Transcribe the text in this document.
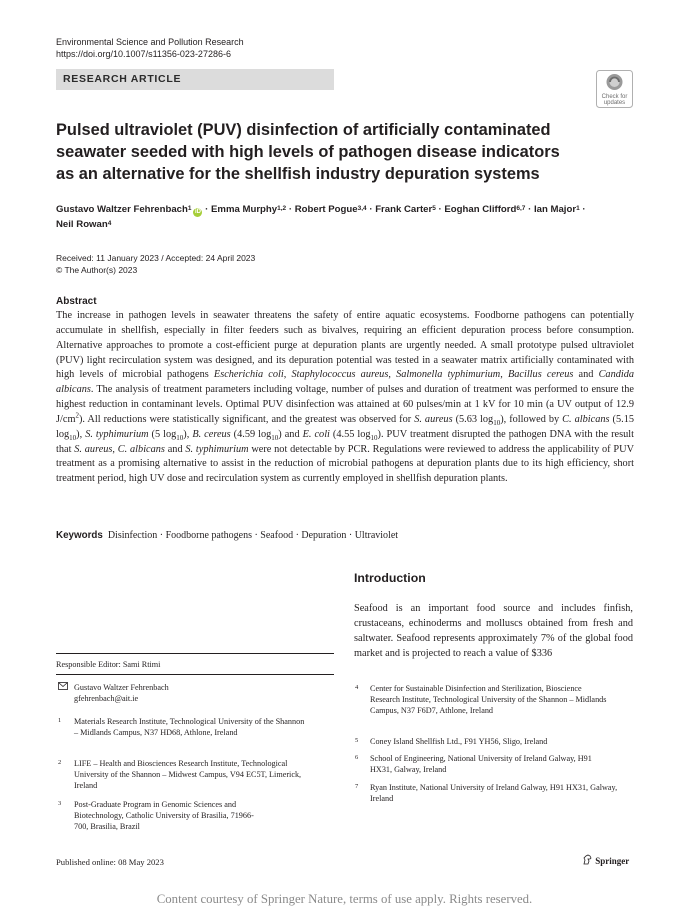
Environmental Science and Pollution Research
https://doi.org/10.1007/s11356-023-27286-6
RESEARCH ARTICLE
Check for
updates
Pulsed ultraviolet (PUV) disinfection of artificially contaminated seawater seeded with high levels of pathogen disease indicators as an alternative for the shellfish industry depuration systems
Gustavo Waltzer Fehrenbach$^1$ iD · Emma Murphy$^{1,2}$ · Robert Pogue$^{3,4}$ · Frank Carter$^5$ · Eoghan Clifford$^{6,7}$ · Ian Major$^1$ ·
Neil Rowan$^4$
Received: 11 January 2023 / Accepted: 24 April 2023
© The Author(s) 2023
Abstract
The increase in pathogen levels in seawater threatens the safety of entire aquatic ecosystems. Foodborne pathogens can potentially accumulate in shellfish, especially in filter feeders such as bivalves, requiring an efficient depuration process before consumption. Alternative approaches to promote a cost-efficient purge at depuration plants are urgently needed. A small prototype pulsed ultraviolet (PUV) light recirculation system was designed, and its depuration potential was tested in a seawater matrix artificially contaminated with high levels of microbial pathogens Escherichia coli, Staphylococcus aureus, Salmonella typhimurium, Bacillus cereus and Candida albicans. The analysis of treatment parameters including voltage, number of pulses and duration of treatment was performed to ensure the highest reduction in contaminant levels. Optimal PUV disinfection was attained at 60 pulses/min at 1 kV for 10 min (a UV output of 12.9 $J/cm^2$). All reductions were statistically significant, and the greatest was observed for S. aureus (5.63 $\log_{10}$), followed by C. albicans (5.15 $\log_{10}$), S. typhimurium (5 $\log_{10}$), B. cereus (4.59 $\log_{10}$) and E. coli (4.55 $\log_{10}$). PUV treatment disrupted the pathogen DNA with the result that S. aureus, C. albicans and S. typhimurium were not detectable by PCR. Regulations were reviewed to address the applicability of PUV treatment as a promising alternative to assist in the reduction of microbial pathogens at depuration plants due to its high efficiency, short treatment period, high UV dose and recirculation system as currently employed in shellfish depuration plants.
Keywords Disinfection · Foodborne pathogens · Seafood · Depuration · Ultraviolet
Introduction
Seafood is an important food source and includes finfish, crustaceans, echinoderms and molluscs obtained from fresh and saltwater. Seafood represents approximately 7% of the global food market and is projected to reach a value of $336
Responsible Editor: Sami Rtimi
Gustavo Waltzer Fehrenbach
gfehrenbach@ait.ie
1 Materials Research Institute, Technological University of the Shannon – Midlands Campus, N37 HD68, Athlone, Ireland
2 LIFE – Health and Biosciences Research Institute, Technological University of the Shannon – Midwest Campus, V94 EC5T, Limerick, Ireland
3 Post-Graduate Program in Genomic Sciences and Biotechnology, Catholic University of Brasilia, 71966-700, Brasilia, Brazil
4 Center for Sustainable Disinfection and Sterilization, Bioscience Research Institute, Technological University of the Shannon – Midlands Campus, N37 F6D7, Athlone, Ireland
5 Coney Island Shellfish Ltd., F91 YH56, Sligo, Ireland
6 School of Engineering, National University of Ireland Galway, H91 HX31, Galway, Ireland
7 Ryan Institute, National University of Ireland Galway, H91 HX31, Galway, Ireland
Published online: 08 May 2023	Springer
Content courtesy of Springer Nature, terms of use apply. Rights reserved.
